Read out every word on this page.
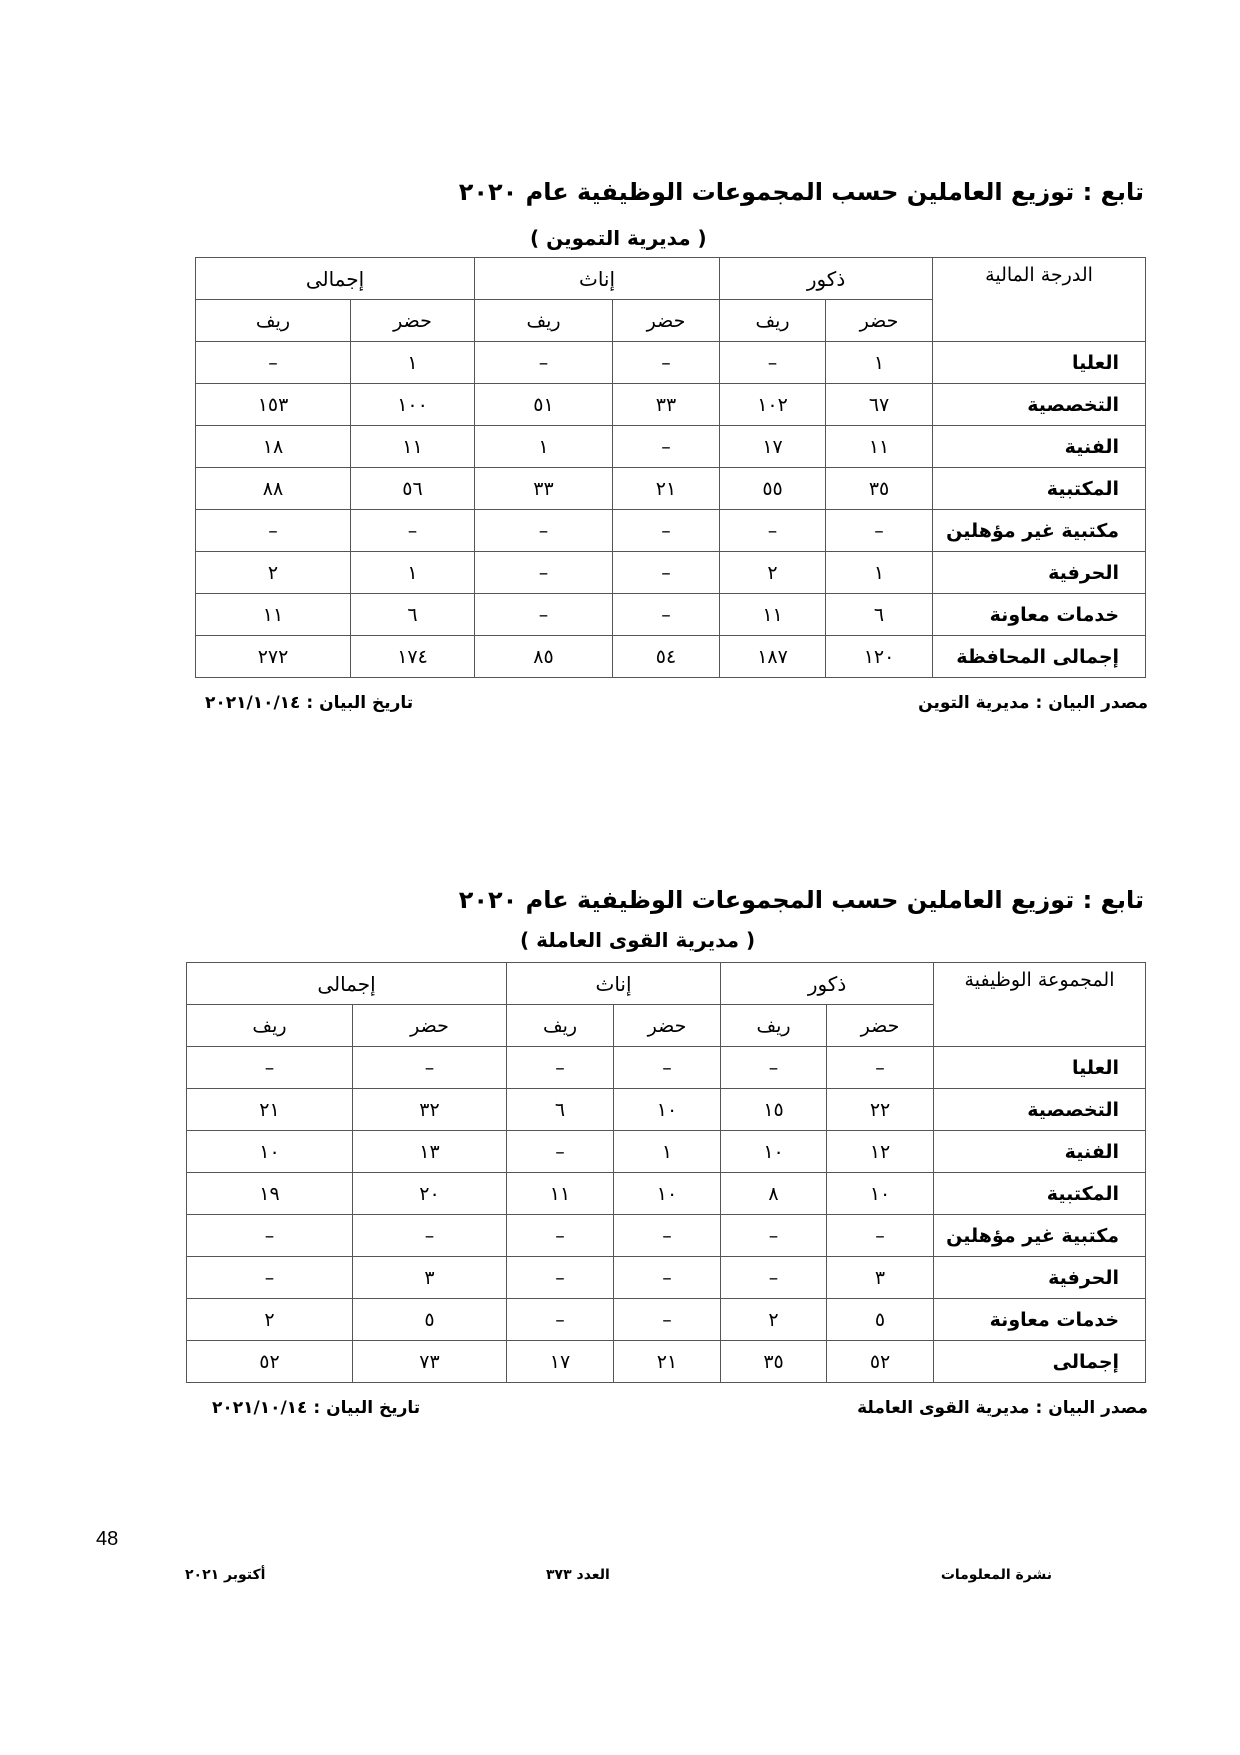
تابع : توزيع العاملين حسب المجموعات الوظيفية عام ٢٠٢٠
( مديرية التموين )
الدرجة المالية	ذكور		إناث		إجمالى	
	حضر	ريف	حضر	ريف	حضر	ريف
العليا	١	–	–	–	١	–
التخصصية	٦٧	١٠٢	٣٣	٥١	١٠٠	١٥٣
الفنية	١١	١٧	–	١	١١	١٨
المكتبية	٣٥	٥٥	٢١	٣٣	٥٦	٨٨
مكتبية غير مؤهلين	–	–	–	–	–	–
الحرفية	١	٢	–	–	١	٢
خدمات معاونة	٦	١١	–	–	٦	١١
إجمالى المحافظة	١٢٠	١٨٧	٥٤	٨٥	١٧٤	٢٧٢
مصدر البيان : مديرية التوين
تاريخ البيان : ٢٠٢١/١٠/١٤
تابع : توزيع العاملين حسب المجموعات الوظيفية عام ٢٠٢٠
( مديرية القوى العاملة )
المجموعة الوظيفية	ذكور		إناث		إجمالى	
	حضر	ريف	حضر	ريف	حضر	ريف
العليا	–	–	–	–	–	–
التخصصية	٢٢	١٥	١٠	٦	٣٢	٢١
الفنية	١٢	١٠	١	–	١٣	١٠
المكتبية	١٠	٨	١٠	١١	٢٠	١٩
مكتبية غير مؤهلين	–	–	–	–	–	–
الحرفية	٣	–	–	–	٣	–
خدمات معاونة	٥	٢	–	–	٥	٢
إجمالى	٥٢	٣٥	٢١	١٧	٧٣	٥٢
مصدر البيان : مديرية القوى العاملة
تاريخ البيان : ٢٠٢١/١٠/١٤
48
نشرة المعلومات
العدد ٣٧٣
أكتوبر ٢٠٢١
